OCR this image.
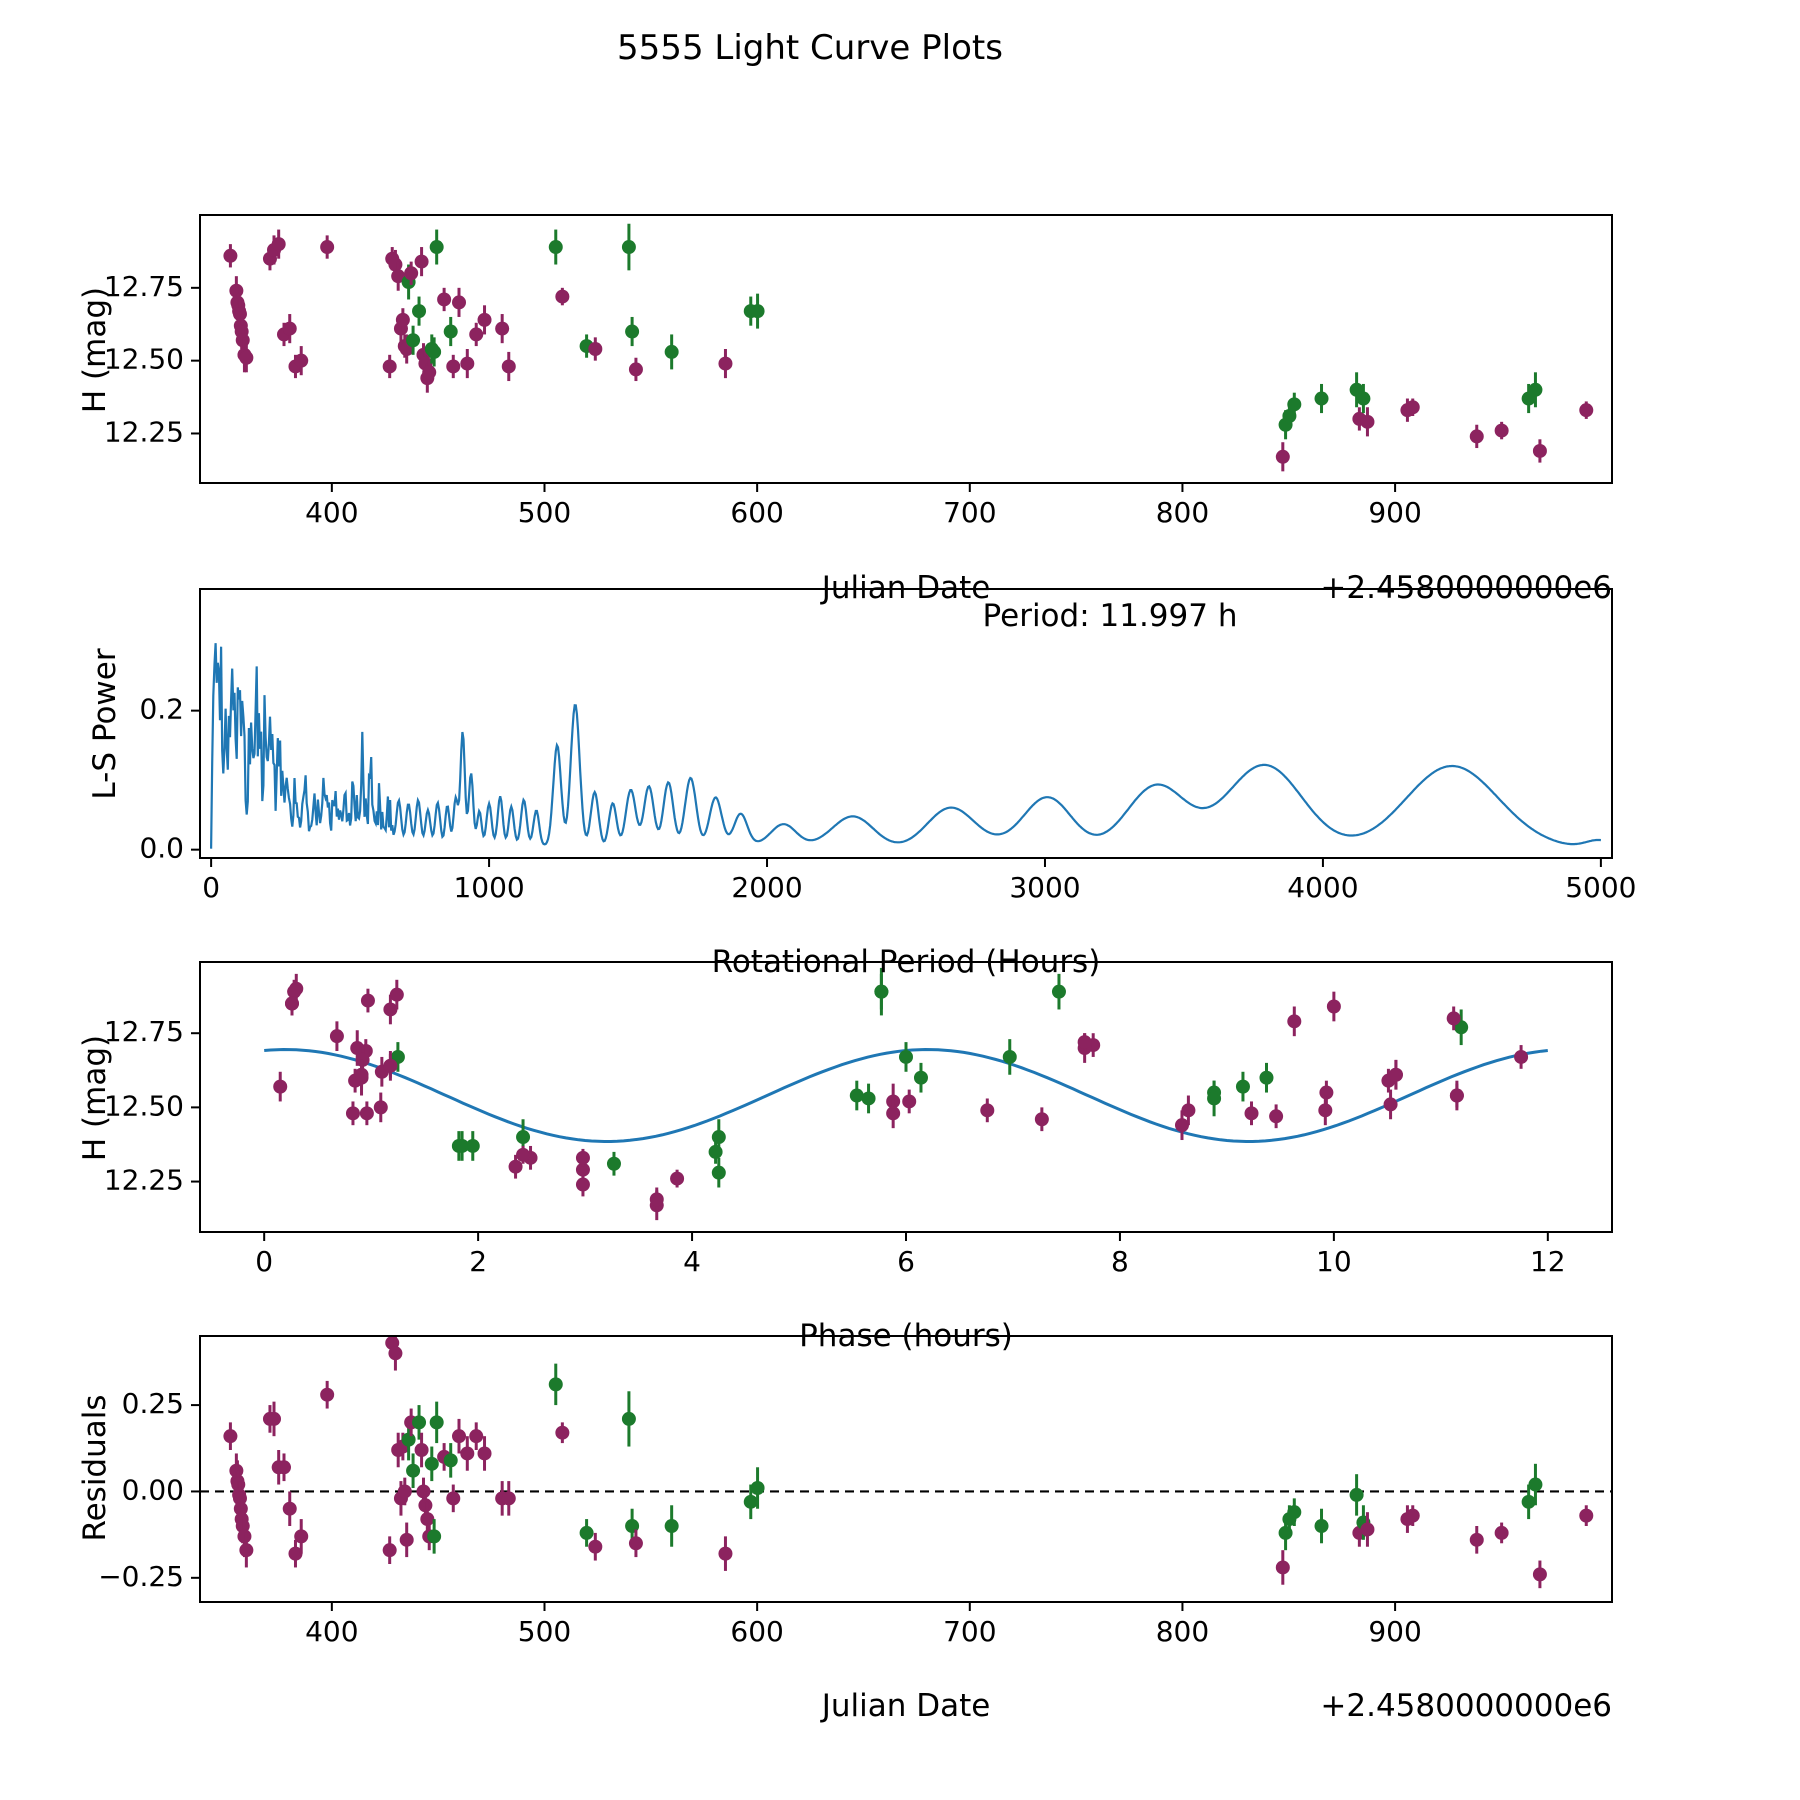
400	500	600	700	800	900
12.25
12.50
12.75
0	1000	2000	3000	4000	5000
0.0
0.2
0	2	4	6	8	10	12
12.25
12.50
12.75
400	500	600	700	800	900
−0.25
0.00
0.25
5555 Light Curve Plots
H (mag)
Julian Date	+2.4580000000e6
L-S Power
Rotational Period (Hours)
Period: 11.997 h
H (mag)
Phase (hours)
Residuals
Julian Date	+2.4580000000e6
